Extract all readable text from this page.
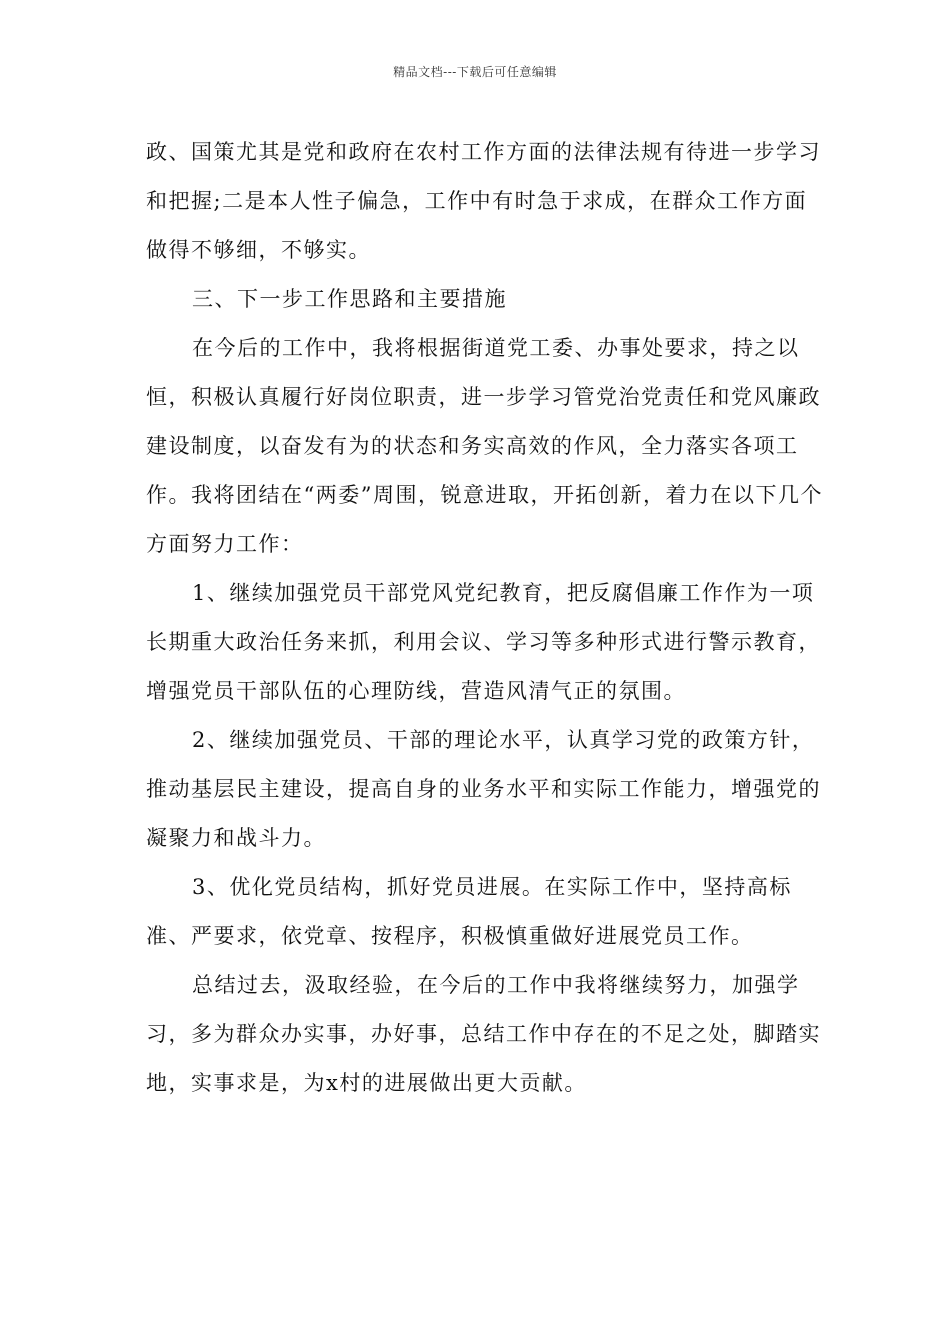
精品文档---下载后可任意编辑

政、国策尤其是党和政府在农村工作方面的法律法规有待进一步学习和把握;二是本人性子偏急，工作中有时急于求成，在群众工作方面做得不够细，不够实。

三、下一步工作思路和主要措施

在今后的工作中，我将根据街道党工委、办事处要求，持之以恒，积极认真履行好岗位职责，进一步学习管党治党责任和党风廉政建设制度，以奋发有为的状态和务实高效的作风，全力落实各项工作。我将团结在“两委”周围，锐意进取，开拓创新，着力在以下几个方面努力工作：

1、继续加强党员干部党风党纪教育，把反腐倡廉工作作为一项长期重大政治任务来抓，利用会议、学习等多种形式进行警示教育，增强党员干部队伍的心理防线，营造风清气正的氛围。

2、继续加强党员、干部的理论水平，认真学习党的政策方针，推动基层民主建设，提高自身的业务水平和实际工作能力，增强党的凝聚力和战斗力。

3、优化党员结构，抓好党员进展。在实际工作中，坚持高标准、严要求，依党章、按程序，积极慎重做好进展党员工作。

总结过去，汲取经验，在今后的工作中我将继续努力，加强学习，多为群众办实事，办好事，总结工作中存在的不足之处，脚踏实地，实事求是，为x村的进展做出更大贡献。
